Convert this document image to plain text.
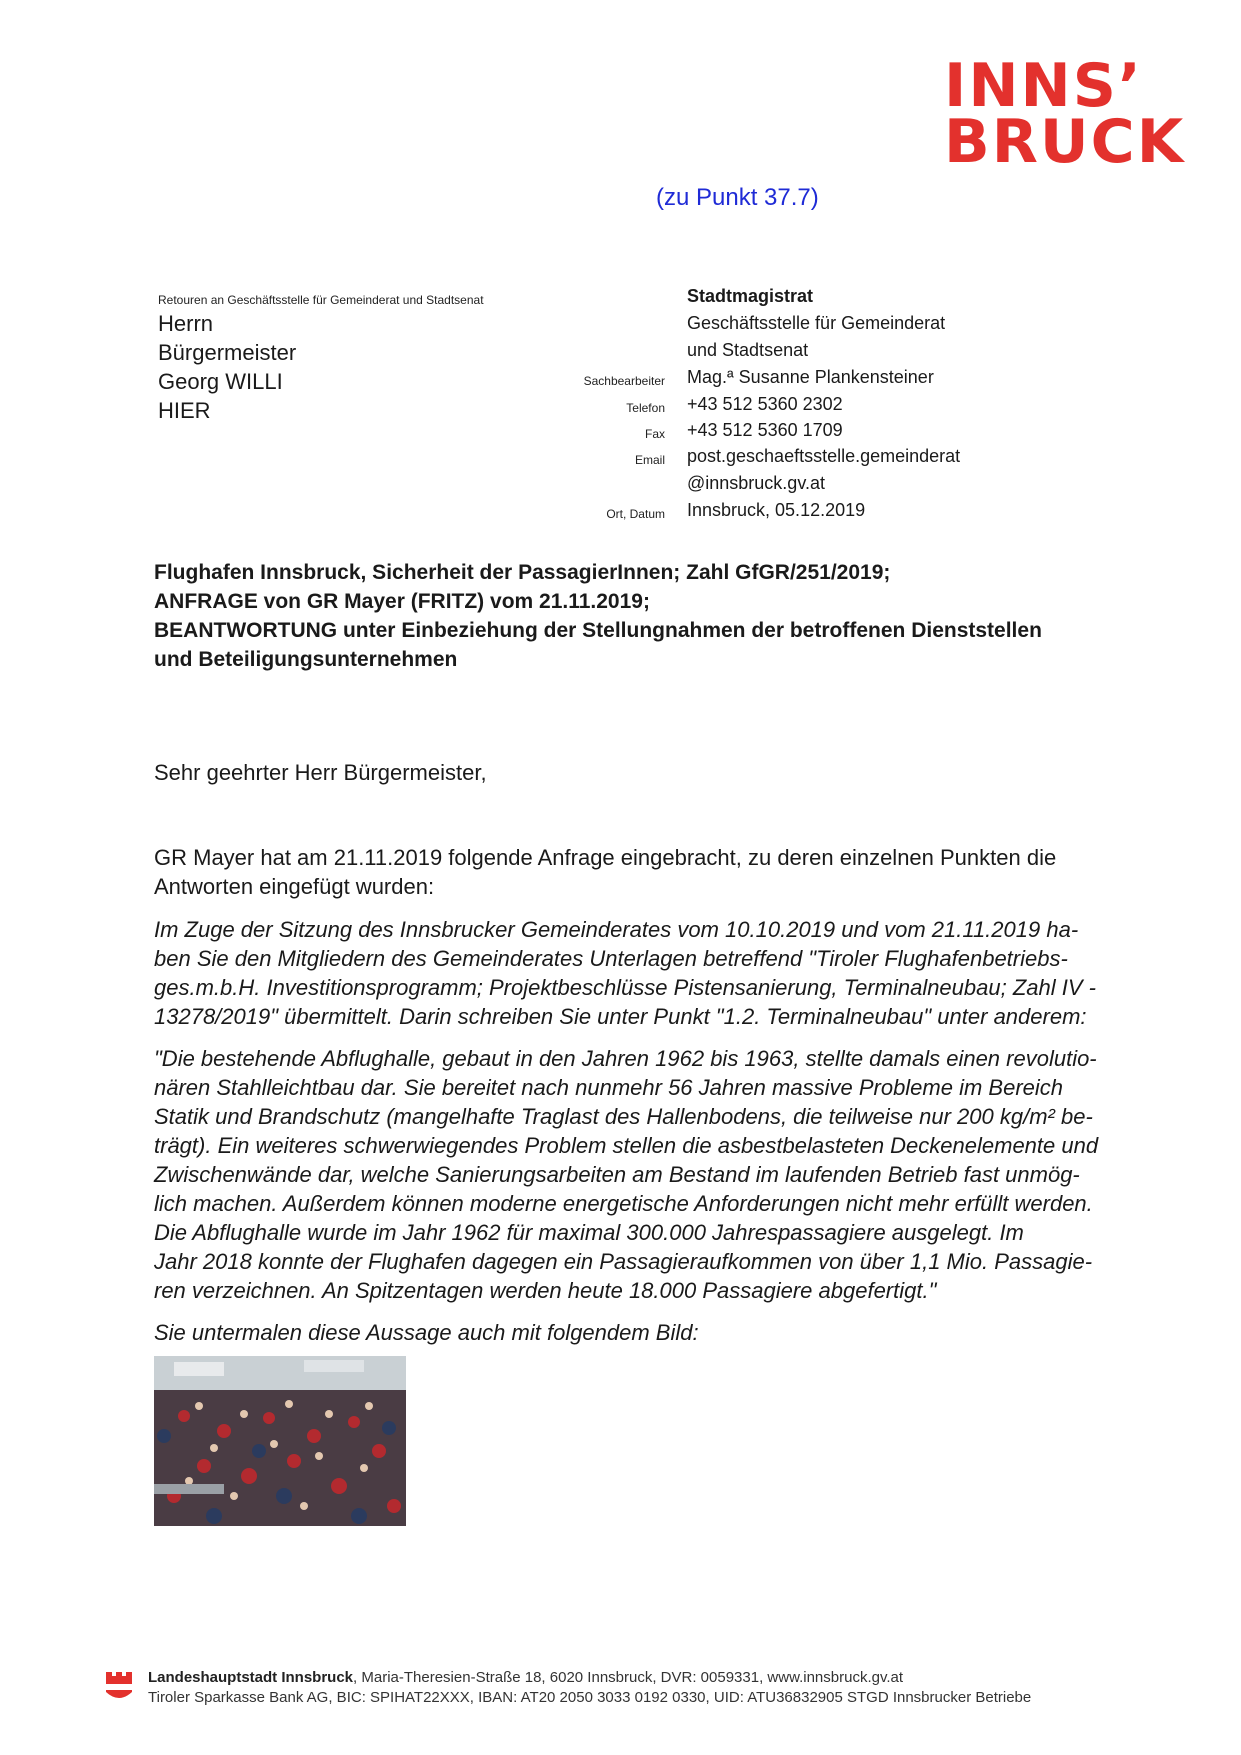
INNS’
BRUCK
(zu Punkt 37.7)
Retouren an Geschäftsstelle für Gemeinderat und Stadtsenat
Herrn
Bürgermeister
Georg WILLI
HIER
Stadtmagistrat
Geschäftsstelle für Gemeinderat
und Stadtsenat
Sachbearbeiter Mag.ª Susanne Plankensteiner
Telefon +43 512 5360 2302
Fax +43 512 5360 1709
Email post.geschaeftsstelle.gemeinderat
@innsbruck.gv.at
Ort, Datum Innsbruck, 05.12.2019
Flughafen Innsbruck, Sicherheit der PassagierInnen; Zahl GfGR/251/2019;
ANFRAGE von GR Mayer (FRITZ) vom 21.11.2019;
BEANTWORTUNG unter Einbeziehung der Stellungnahmen der betroffenen Dienststellen
und Beteiligungsunternehmen
Sehr geehrter Herr Bürgermeister,
GR Mayer hat am 21.11.2019 folgende Anfrage eingebracht, zu deren einzelnen Punkten die
Antworten eingefügt wurden:
Im Zuge der Sitzung des Innsbrucker Gemeinderates vom 10.10.2019 und vom 21.11.2019 ha-
ben Sie den Mitgliedern des Gemeinderates Unterlagen betreffend "Tiroler Flughafenbetriebs-
ges.m.b.H. Investitionsprogramm; Projektbeschlüsse Pistensanierung, Terminalneubau; Zahl IV -
13278/2019" übermittelt. Darin schreiben Sie unter Punkt "1.2. Terminalneubau" unter anderem:
"Die bestehende Abflughalle, gebaut in den Jahren 1962 bis 1963, stellte damals einen revolutio-
nären Stahlleichtbau dar. Sie bereitet nach nunmehr 56 Jahren massive Probleme im Bereich
Statik und Brandschutz (mangelhafte Traglast des Hallenbodens, die teilweise nur 200 kg/m² be-
trägt). Ein weiteres schwerwiegendes Problem stellen die asbestbelasteten Deckenelemente und
Zwischenwände dar, welche Sanierungsarbeiten am Bestand im laufenden Betrieb fast unmög-
lich machen. Außerdem können moderne energetische Anforderungen nicht mehr erfüllt werden.
Die Abflughalle wurde im Jahr 1962 für maximal 300.000 Jahrespassagiere ausgelegt. Im
Jahr 2018 konnte der Flughafen dagegen ein Passagieraufkommen von über 1,1 Mio. Passagie-
ren verzeichnen. An Spitzentagen werden heute 18.000 Passagiere abgefertigt."
Sie untermalen diese Aussage auch mit folgendem Bild:
Landeshauptstadt Innsbruck, Maria-Theresien-Straße 18, 6020 Innsbruck, DVR: 0059331, www.innsbruck.gv.at
Tiroler Sparkasse Bank AG, BIC: SPIHAT22XXX, IBAN: AT20 2050 3033 0192 0330, UID: ATU36832905 STGD Innsbrucker Betriebe
